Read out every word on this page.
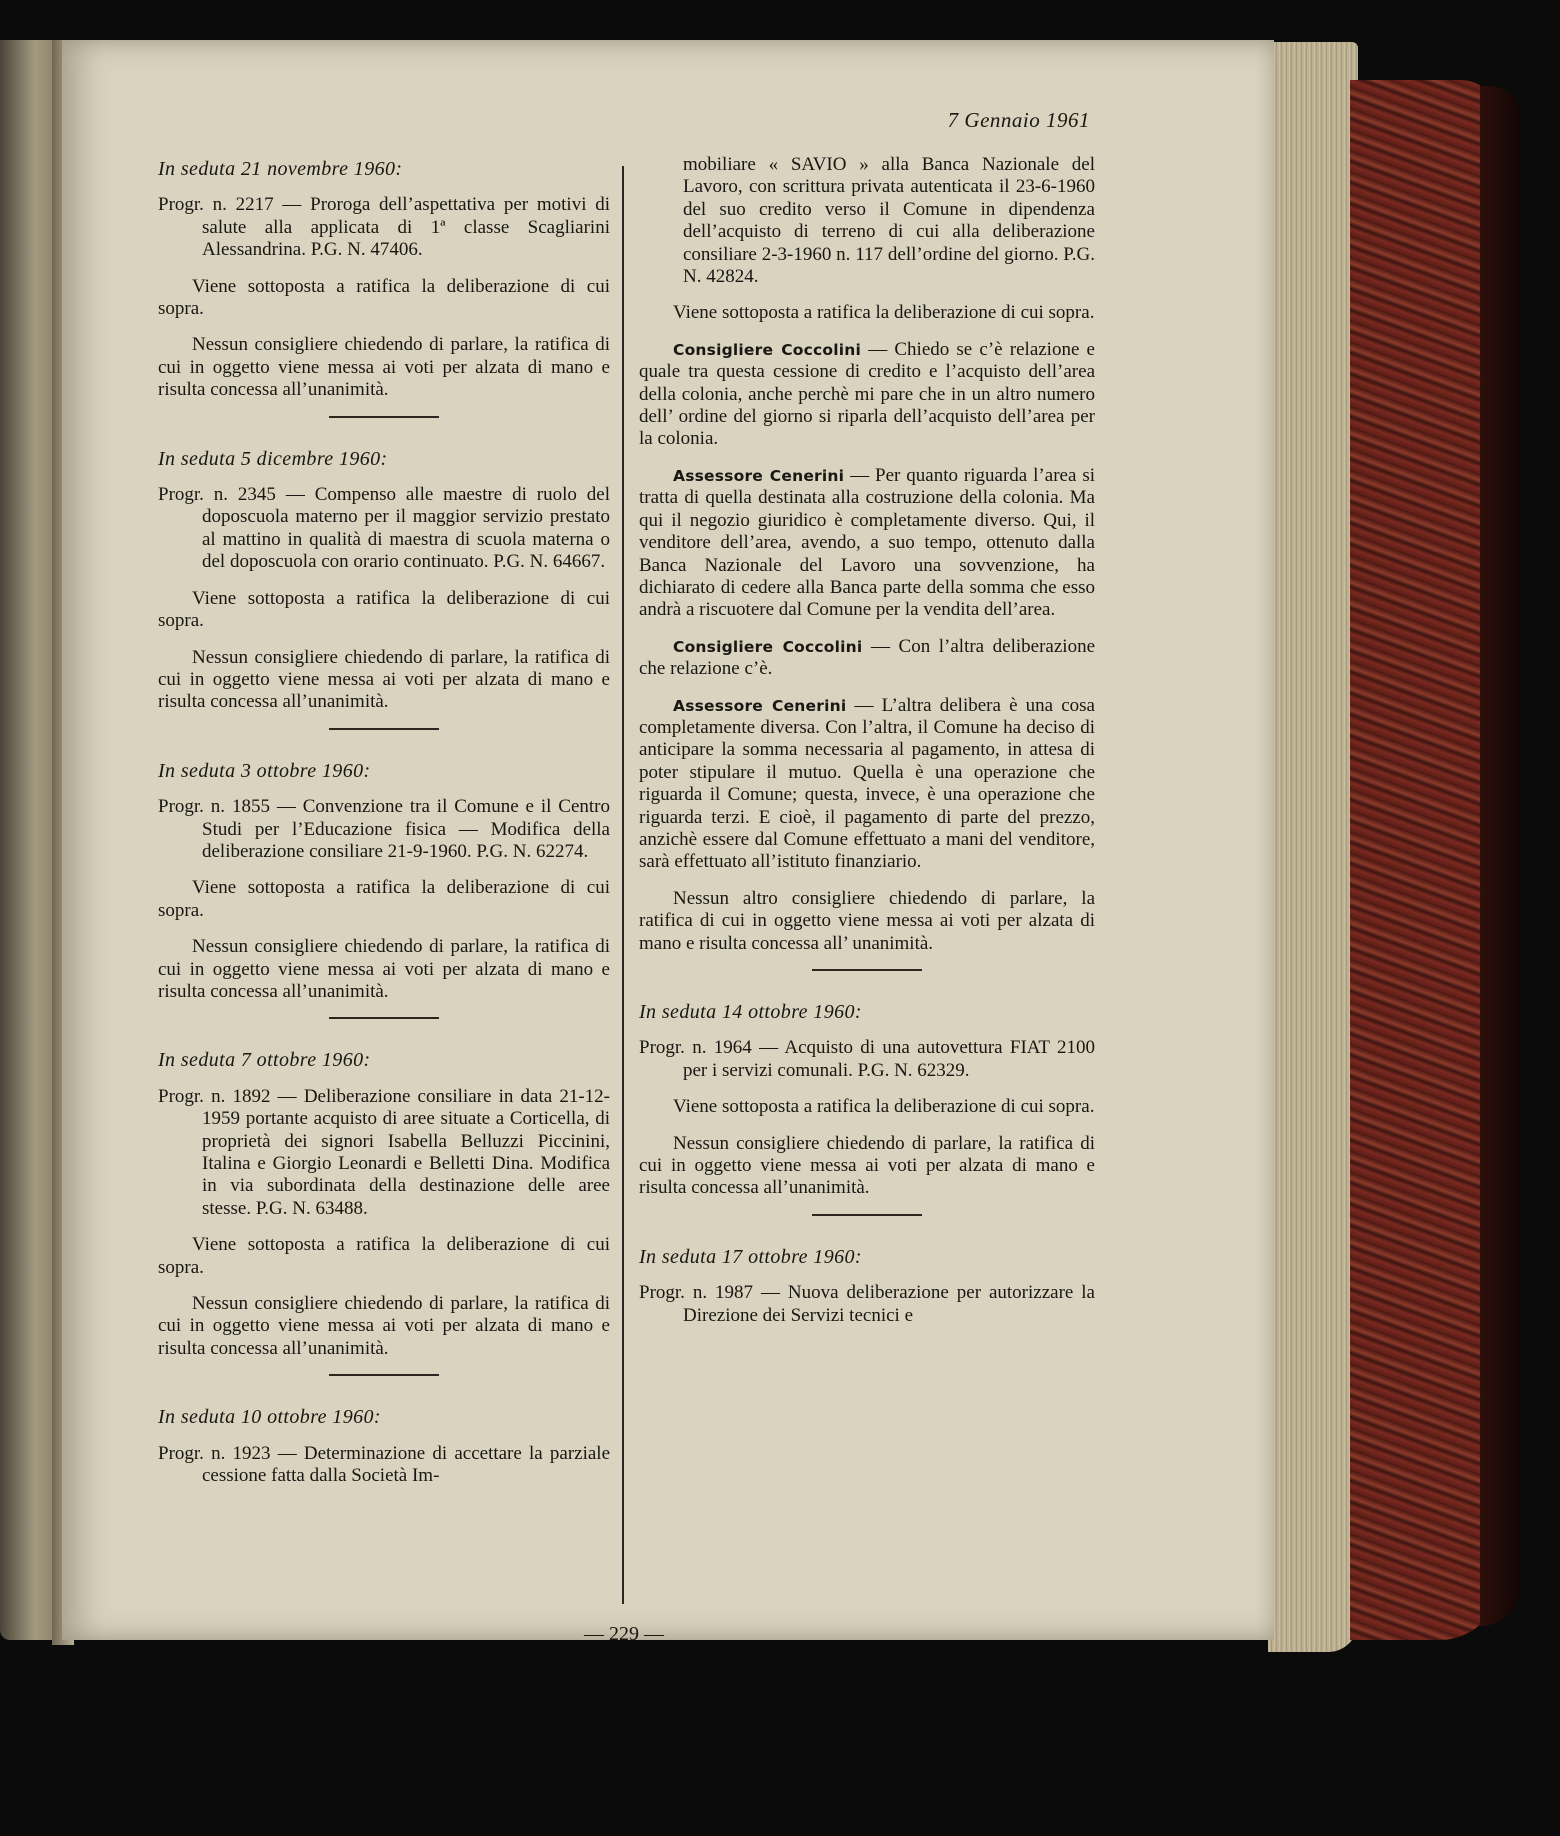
7 Gennaio 1961

In seduta 21 novembre 1960:

Progr. n. 2217 — Proroga dell’aspettativa per motivi di salute alla applicata di 1ª classe Scagliarini Alessandrina. P.G. N. 47406.

Viene sottoposta a ratifica la deliberazione di cui sopra.

Nessun consigliere chiedendo di parlare, la ratifica di cui in oggetto viene messa ai voti per alzata di mano e risulta concessa all’unanimità.

In seduta 5 dicembre 1960:

Progr. n. 2345 — Compenso alle maestre di ruolo del doposcuola materno per il maggior servizio prestato al mattino in qualità di maestra di scuola materna o del doposcuola con orario continuato. P.G. N. 64667.

Viene sottoposta a ratifica la deliberazione di cui sopra.

Nessun consigliere chiedendo di parlare, la ratifica di cui in oggetto viene messa ai voti per alzata di mano e risulta concessa all’unanimità.

In seduta 3 ottobre 1960:

Progr. n. 1855 — Convenzione tra il Comune e il Centro Studi per l’Educazione fisica — Modifica della deliberazione consiliare 21-9-1960. P.G. N. 62274.

Viene sottoposta a ratifica la deliberazione di cui sopra.

Nessun consigliere chiedendo di parlare, la ratifica di cui in oggetto viene messa ai voti per alzata di mano e risulta concessa all’unanimità.

In seduta 7 ottobre 1960:

Progr. n. 1892 — Deliberazione consiliare in data 21-12-1959 portante acquisto di aree situate a Corticella, di proprietà dei signori Isabella Belluzzi Piccinini, Italina e Giorgio Leonardi e Belletti Dina. Modifica in via subordinata della destinazione delle aree stesse. P.G. N. 63488.

Viene sottoposta a ratifica la deliberazione di cui sopra.

Nessun consigliere chiedendo di parlare, la ratifica di cui in oggetto viene messa ai voti per alzata di mano e risulta concessa all’unanimità.

In seduta 10 ottobre 1960:

Progr. n. 1923 — Determinazione di accettare la parziale cessione fatta dalla Società Im-

mobiliare « SAVIO » alla Banca Nazionale del Lavoro, con scrittura privata autenticata il 23-6-1960 del suo credito verso il Comune in dipendenza dell’acquisto di terreno di cui alla deliberazione consiliare 2-3-1960 n. 117 dell’ordine del giorno. P.G. N. 42824.

Viene sottoposta a ratifica la deliberazione di cui sopra.

Consigliere Coccolini — Chiedo se c’è relazione e quale tra questa cessione di credito e l’acquisto dell’area della colonia, anche perchè mi pare che in un altro numero dell’ ordine del giorno si riparla dell’acquisto dell’area per la colonia.

Assessore Cenerini — Per quanto riguarda l’area si tratta di quella destinata alla costruzione della colonia. Ma qui il negozio giuridico è completamente diverso. Qui, il venditore dell’area, avendo, a suo tempo, ottenuto dalla Banca Nazionale del Lavoro una sovvenzione, ha dichiarato di cedere alla Banca parte della somma che esso andrà a riscuotere dal Comune per la vendita dell’area.

Consigliere Coccolini — Con l’altra deliberazione che relazione c’è.

Assessore Cenerini — L’altra delibera è una cosa completamente diversa. Con l’altra, il Comune ha deciso di anticipare la somma necessaria al pagamento, in attesa di poter stipulare il mutuo. Quella è una operazione che riguarda il Comune; questa, invece, è una operazione che riguarda terzi. E cioè, il pagamento di parte del prezzo, anzichè essere dal Comune effettuato a mani del venditore, sarà effettuato all’istituto finanziario.

Nessun altro consigliere chiedendo di parlare, la ratifica di cui in oggetto viene messa ai voti per alzata di mano e risulta concessa all’ unanimità.

In seduta 14 ottobre 1960:

Progr. n. 1964 — Acquisto di una autovettura FIAT 2100 per i servizi comunali. P.G. N. 62329.

Viene sottoposta a ratifica la deliberazione di cui sopra.

Nessun consigliere chiedendo di parlare, la ratifica di cui in oggetto viene messa ai voti per alzata di mano e risulta concessa all’unanimità.

In seduta 17 ottobre 1960:

Progr. n. 1987 — Nuova deliberazione per autorizzare la Direzione dei Servizi tecnici e

— 229 —
